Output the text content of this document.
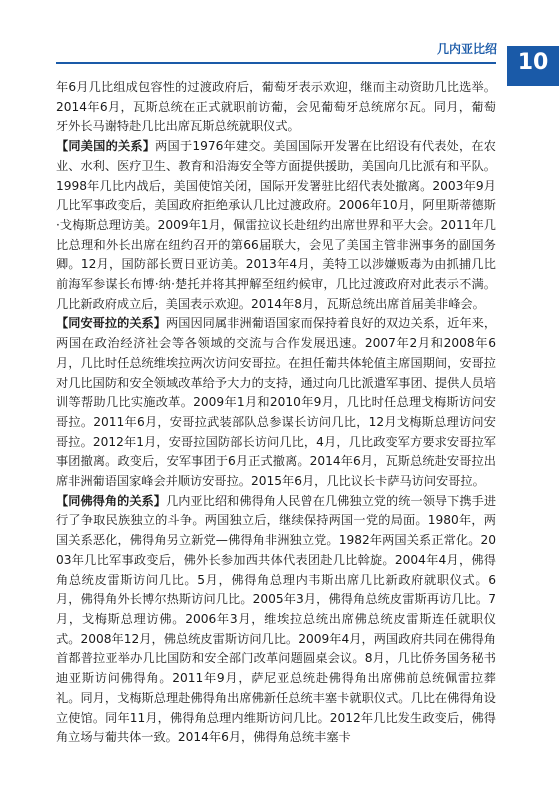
几内亚比绍
10

年6月几比组成包容性的过渡政府后，葡萄牙表示欢迎，继而主动资助几比选举。2014年6月，瓦斯总统在正式就职前访葡，会见葡萄牙总统席尔瓦。同月，葡萄牙外长马谢特赴几比出席瓦斯总统就职仪式。

【同美国的关系】两国于1976年建交。美国国际开发署在比绍设有代表处，在农业、水利、医疗卫生、教育和沿海安全等方面提供援助，美国向几比派有和平队。1998年几比内战后，美国使馆关闭，国际开发署驻比绍代表处撤离。2003年9月几比军事政变后，美国政府拒绝承认几比过渡政府。2006年10月，阿里斯蒂德斯·戈梅斯总理访美。2009年1月，佩雷拉议长赴纽约出席世界和平大会。2011年几比总理和外长出席在纽约召开的第66届联大，会见了美国主管非洲事务的副国务卿。12月，国防部长贾日亚访美。2013年4月，美特工以涉嫌贩毒为由抓捕几比前海军参谋长布博·纳·楚托并将其押解至纽约候审，几比过渡政府对此表示不满。几比新政府成立后，美国表示欢迎。2014年8月，瓦斯总统出席首届美非峰会。

【同安哥拉的关系】两国因同属非洲葡语国家而保持着良好的双边关系，近年来，两国在政治经济社会等各领域的交流与合作发展迅速。2007年2月和2008年6月，几比时任总统维埃拉两次访问安哥拉。在担任葡共体轮值主席国期间，安哥拉对几比国防和安全领域改革给予大力的支持，通过向几比派遣军事团、提供人员培训等帮助几比实施改革。2009年1月和2010年9月，几比时任总理戈梅斯访问安哥拉。2011年6月，安哥拉武装部队总参谋长访问几比，12月戈梅斯总理访问安哥拉。2012年1月，安哥拉国防部长访问几比，4月，几比政变军方要求安哥拉军事团撤离。政变后，安军事团于6月正式撤离。2014年6月，瓦斯总统赴安哥拉出席非洲葡语国家峰会并顺访安哥拉。2015年6月，几比议长卡萨马访问安哥拉。

【同佛得角的关系】几内亚比绍和佛得角人民曾在几佛独立党的统一领导下携手进行了争取民族独立的斗争。两国独立后，继续保持两国一党的局面。1980年，两国关系恶化，佛得角另立新党—佛得角非洲独立党。1982年两国关系正常化。2003年几比军事政变后，佛外长参加西共体代表团赴几比斡旋。2004年4月，佛得角总统皮雷斯访问几比。5月，佛得角总理内韦斯出席几比新政府就职仪式。6月，佛得角外长博尔热斯访问几比。2005年3月，佛得角总统皮雷斯再访几比。7月，戈梅斯总理访佛。2006年3月，维埃拉总统出席佛总统皮雷斯连任就职仪式。2008年12月，佛总统皮雷斯访问几比。2009年4月，两国政府共同在佛得角首都普拉亚举办几比国防和安全部门改革问题圆桌会议。8月，几比侨务国务秘书迪亚斯访问佛得角。2011年9月，萨尼亚总统赴佛得角出席佛前总统佩雷拉葬礼。同月，戈梅斯总理赴佛得角出席佛新任总统丰塞卡就职仪式。几比在佛得角设立使馆。同年11月，佛得角总理内维斯访问几比。2012年几比发生政变后，佛得角立场与葡共体一致。2014年6月，佛得角总统丰塞卡
